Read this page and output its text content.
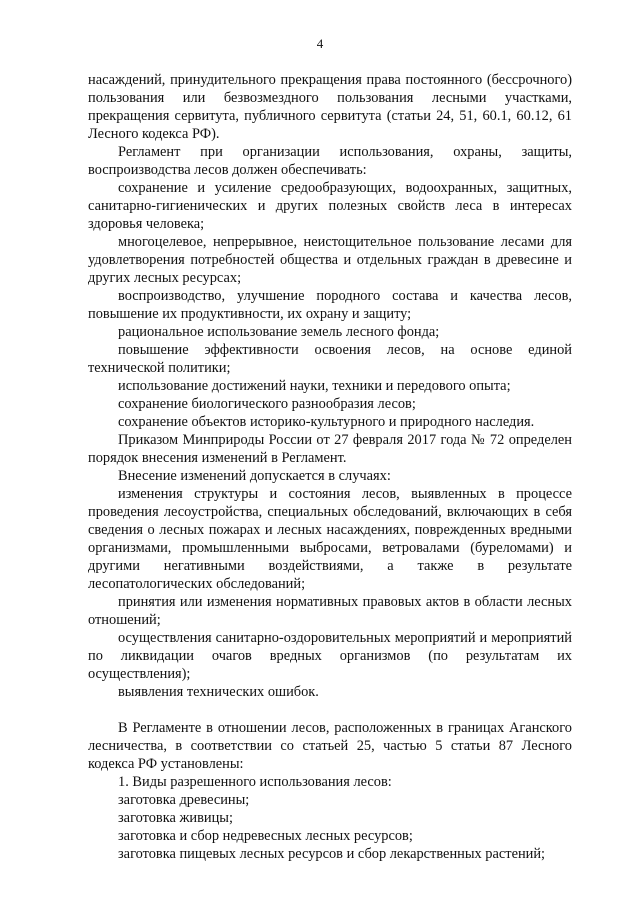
4

насаждений, принудительного прекращения права постоянного (бессрочного) пользования или безвозмездного пользования лесными участками, прекращения сервитута, публичного сервитута (статьи 24, 51, 60.1, 60.12, 61 Лесного кодекса РФ).

Регламент при организации использования, охраны, защиты, воспроизводства лесов должен обеспечивать:

сохранение и усиление средообразующих, водоохранных, защитных, санитарно-гигиенических и других полезных свойств леса в интересах здоровья человека;

многоцелевое, непрерывное, неистощительное пользование лесами для удовлетворения потребностей общества и отдельных граждан в древесине и других лесных ресурсах;

воспроизводство, улучшение породного состава и качества лесов, повышение их продуктивности, их охрану и защиту;

рациональное использование земель лесного фонда;

повышение эффективности освоения лесов, на основе единой технической политики;

использование достижений науки, техники и передового опыта;

сохранение биологического разнообразия лесов;

сохранение объектов историко-культурного и природного наследия.

Приказом Минприроды России от 27 февраля 2017 года № 72 определен порядок внесения изменений в Регламент.

Внесение изменений допускается в случаях:

изменения структуры и состояния лесов, выявленных в процессе проведения лесоустройства, специальных обследований, включающих в себя сведения о лесных пожарах и лесных насаждениях, поврежденных вредными организмами, промышленными выбросами, ветровалами (буреломами) и другими негативными воздействиями, а также в результате лесопатологических обследований;

принятия или изменения нормативных правовых актов в области лесных отношений;

осуществления санитарно-оздоровительных мероприятий и мероприятий по ликвидации очагов вредных организмов (по результатам их осуществления);

выявления технических ошибок.

В Регламенте в отношении лесов, расположенных в границах Аганского лесничества, в соответствии со статьей 25, частью 5 статьи 87 Лесного кодекса РФ установлены:

1. Виды разрешенного использования лесов:

заготовка древесины;

заготовка живицы;

заготовка и сбор недревесных лесных ресурсов;

заготовка пищевых лесных ресурсов и сбор лекарственных растений;
